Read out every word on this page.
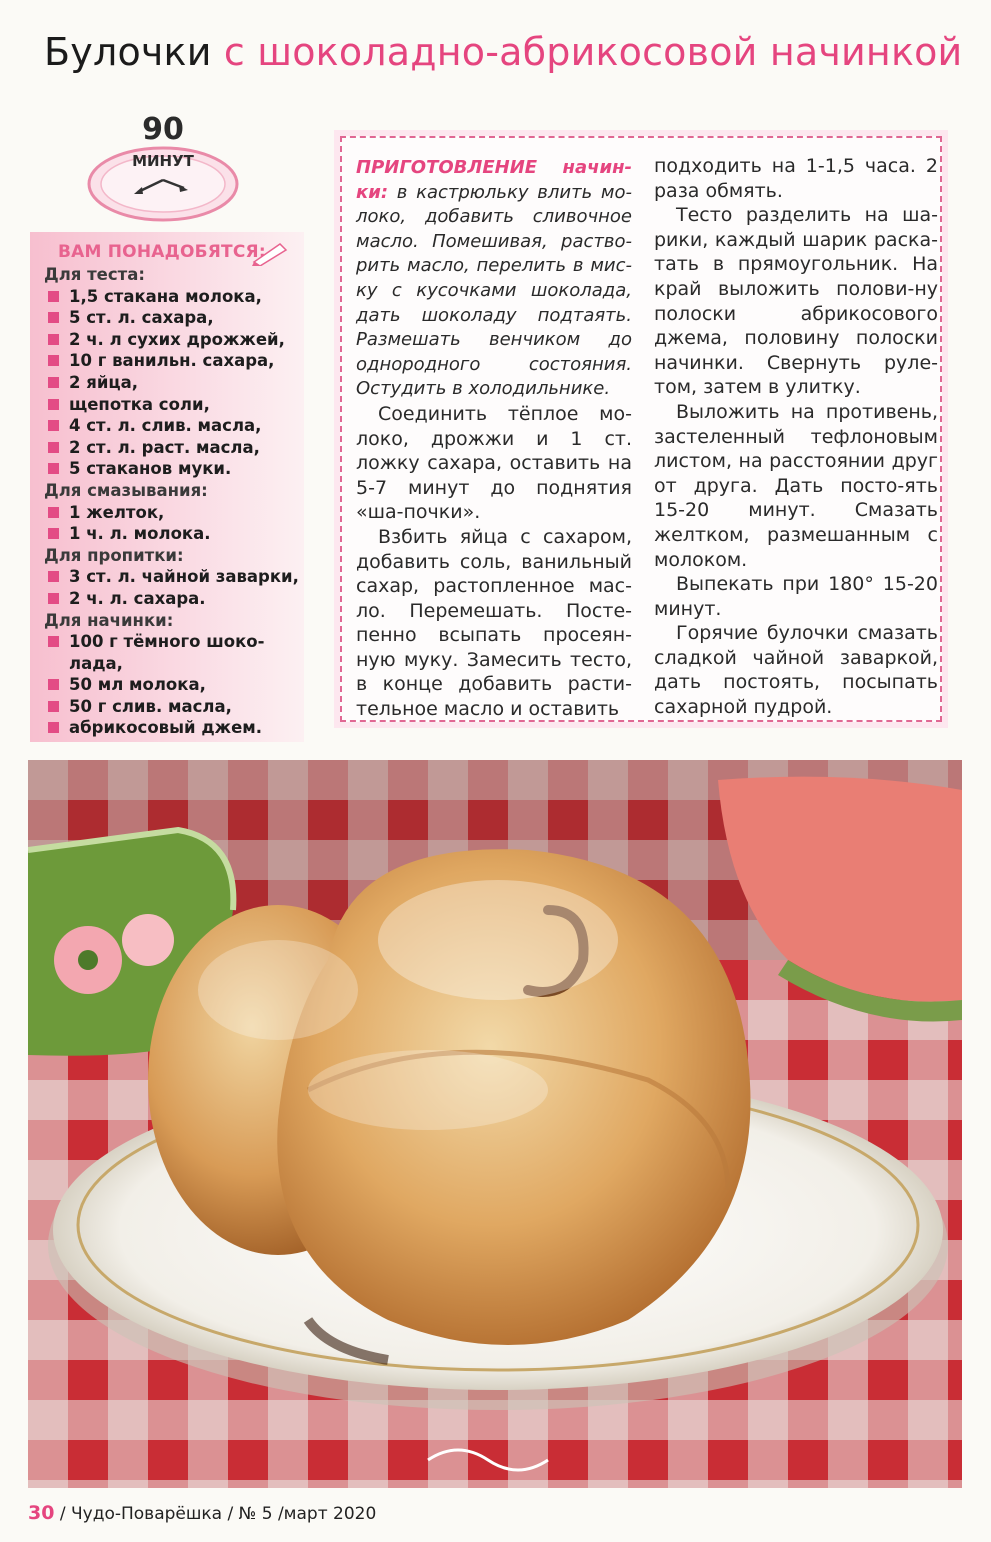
Булочки с шоколадно-абрикосовой начинкой
90
МИНУТ
ВАМ ПОНАДОБЯТСЯ:
Для теста:
1,5 стакана молока,
5 ст. л. сахара,
2 ч. л сухих дрожжей,
10 г ванильн. сахара,
2 яйца,
щепотка соли,
4 ст. л. слив. масла,
2 ст. л. раст. масла,
5 стаканов муки.
Для смазывания:
1 желток,
1 ч. л. молока.
Для пропитки:
3 ст. л. чайной заварки,
2 ч. л. сахара.
Для начинки:
100 г тёмного шоко-
лада,
50 мл молока,
50 г слив. масла,
абрикосовый джем.

ПРИГОТОВЛЕНИЕ начин-ки: в кастрюльку влить мо-локо, добавить сливочное масло. Помешивая, раство-рить масло, перелить в мис-ку с кусочками шоколада, дать шоколаду подтаять. Размешать венчиком до однородного состояния. Остудить в холодильнике.

Соединить тёплое мо-локо, дрожжи и 1 ст. ложку сахара, оставить на 5-7 минут до поднятия «ша-почки».

Взбить яйца с сахаром, добавить соль, ванильный сахар, растопленное мас-ло. Перемешать. Посте-пенно всыпать просеян-ную муку. Замесить тесто, в конце добавить расти-тельное масло и оставить

подходить на 1-1,5 часа. 2 раза обмять.

Тесто разделить на ша-рики, каждый шарик раска-тать в прямоугольник. На край выложить полови-ну полоски абрикосового джема, половину полоски начинки. Свернуть руле-том, затем в улитку.

Выложить на противень, застеленный тефлоновым листом, на расстоянии друг от друга. Дать посто-ять 15-20 минут. Смазать желтком, размешанным с молоком.

Выпекать при 180° 15-20 минут.

Горячие булочки смазать сладкой чайной заваркой, дать постоять, посыпать сахарной пудрой.

30 / Чудо-Поварёшка / № 5 /март 2020
